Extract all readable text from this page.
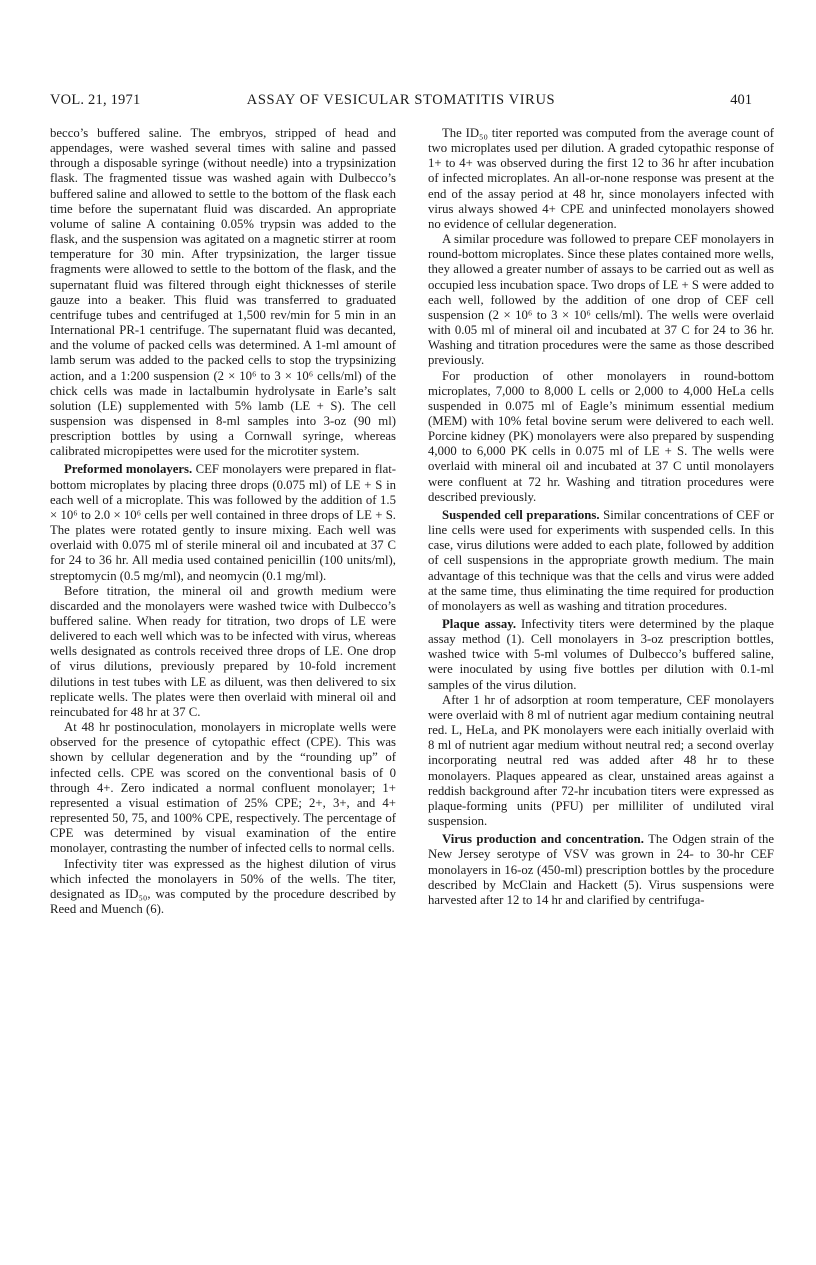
VOL. 21, 1971	ASSAY OF VESICULAR STOMATITIS VIRUS	401

becco’s buffered saline. The embryos, stripped of head and appendages, were washed several times with saline and passed through a disposable syringe (without needle) into a trypsinization flask. The fragmented tissue was washed again with Dulbecco’s buffered saline and allowed to settle to the bottom of the flask each time before the supernatant fluid was discarded. An appropriate volume of saline A containing 0.05% trypsin was added to the flask, and the suspension was agitated on a magnetic stirrer at room temperature for 30 min. After trypsinization, the larger tissue fragments were allowed to settle to the bottom of the flask, and the supernatant fluid was filtered through eight thicknesses of sterile gauze into a beaker. This fluid was transferred to graduated centrifuge tubes and centrifuged at 1,500 rev/min for 5 min in an International PR-1 centrifuge. The supernatant fluid was decanted, and the volume of packed cells was determined. A 1-ml amount of lamb serum was added to the packed cells to stop the trypsinizing action, and a 1:200 suspension (2 × 10⁶ to 3 × 10⁶ cells/ml) of the chick cells was made in lactalbumin hydrolysate in Earle’s salt solution (LE) supplemented with 5% lamb (LE + S). The cell suspension was dispensed in 8-ml samples into 3-oz (90 ml) prescription bottles by using a Cornwall syringe, whereas calibrated micropipettes were used for the microtiter system.

Preformed monolayers. CEF monolayers were prepared in flat-bottom microplates by placing three drops (0.075 ml) of LE + S in each well of a microplate. This was followed by the addition of 1.5 × 10⁶ to 2.0 × 10⁶ cells per well contained in three drops of LE + S. The plates were rotated gently to insure mixing. Each well was overlaid with 0.075 ml of sterile mineral oil and incubated at 37 C for 24 to 36 hr. All media used contained penicillin (100 units/ml), streptomycin (0.5 mg/ml), and neomycin (0.1 mg/ml).

Before titration, the mineral oil and growth medium were discarded and the monolayers were washed twice with Dulbecco’s buffered saline. When ready for titration, two drops of LE were delivered to each well which was to be infected with virus, whereas wells designated as controls received three drops of LE. One drop of virus dilutions, previously prepared by 10-fold increment dilutions in test tubes with LE as diluent, was then delivered to six replicate wells. The plates were then overlaid with mineral oil and reincubated for 48 hr at 37 C.

At 48 hr postinoculation, monolayers in microplate wells were observed for the presence of cytopathic effect (CPE). This was shown by cellular degeneration and by the “rounding up” of infected cells. CPE was scored on the conventional basis of 0 through 4+. Zero indicated a normal confluent monolayer; 1+ represented a visual estimation of 25% CPE; 2+, 3+, and 4+ represented 50, 75, and 100% CPE, respectively. The percentage of CPE was determined by visual examination of the entire monolayer, contrasting the number of infected cells to normal cells.

Infectivity titer was expressed as the highest dilution of virus which infected the monolayers in 50% of the wells. The titer, designated as ID₅₀, was computed by the procedure described by Reed and Muench (6).

The ID₅₀ titer reported was computed from the average count of two microplates used per dilution. A graded cytopathic response of 1+ to 4+ was observed during the first 12 to 36 hr after incubation of infected microplates. An all-or-none response was present at the end of the assay period at 48 hr, since monolayers infected with virus always showed 4+ CPE and uninfected monolayers showed no evidence of cellular degeneration.

A similar procedure was followed to prepare CEF monolayers in round-bottom microplates. Since these plates contained more wells, they allowed a greater number of assays to be carried out as well as occupied less incubation space. Two drops of LE + S were added to each well, followed by the addition of one drop of CEF cell suspension (2 × 10⁶ to 3 × 10⁶ cells/ml). The wells were overlaid with 0.05 ml of mineral oil and incubated at 37 C for 24 to 36 hr. Washing and titration procedures were the same as those described previously.

For production of other monolayers in round-bottom microplates, 7,000 to 8,000 L cells or 2,000 to 4,000 HeLa cells suspended in 0.075 ml of Eagle’s minimum essential medium (MEM) with 10% fetal bovine serum were delivered to each well. Porcine kidney (PK) monolayers were also prepared by suspending 4,000 to 6,000 PK cells in 0.075 ml of LE + S. The wells were overlaid with mineral oil and incubated at 37 C until monolayers were confluent at 72 hr. Washing and titration procedures were described previously.

Suspended cell preparations. Similar concentrations of CEF or line cells were used for experiments with suspended cells. In this case, virus dilutions were added to each plate, followed by addition of cell suspensions in the appropriate growth medium. The main advantage of this technique was that the cells and virus were added at the same time, thus eliminating the time required for production of monolayers as well as washing and titration procedures.

Plaque assay. Infectivity titers were determined by the plaque assay method (1). Cell monolayers in 3-oz prescription bottles, washed twice with 5-ml volumes of Dulbecco’s buffered saline, were inoculated by using five bottles per dilution with 0.1-ml samples of the virus dilution.

After 1 hr of adsorption at room temperature, CEF monolayers were overlaid with 8 ml of nutrient agar medium containing neutral red. L, HeLa, and PK monolayers were each initially overlaid with 8 ml of nutrient agar medium without neutral red; a second overlay incorporating neutral red was added after 48 hr to these monolayers. Plaques appeared as clear, unstained areas against a reddish background after 72-hr incubation titers were expressed as plaque-forming units (PFU) per milliliter of undiluted viral suspension.

Virus production and concentration. The Odgen strain of the New Jersey serotype of VSV was grown in 24- to 30-hr CEF monolayers in 16-oz (450-ml) prescription bottles by the procedure described by McClain and Hackett (5). Virus suspensions were harvested after 12 to 14 hr and clarified by centrifuga-
